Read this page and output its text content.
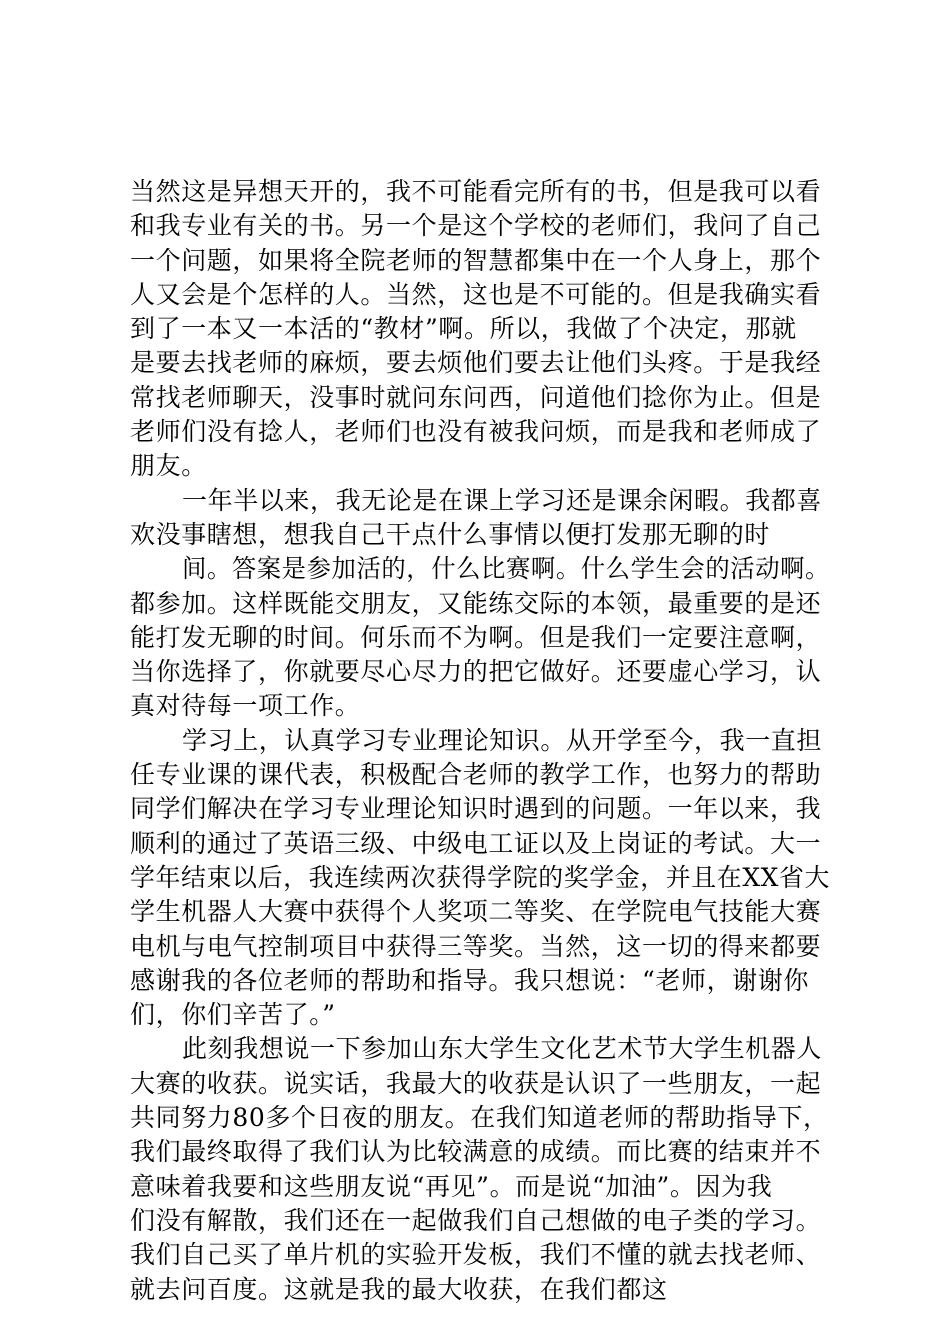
当然这是异想天开的，我不可能看完所有的书，但是我可以看
和我专业有关的书。另一个是这个学校的老师们，我问了自己
一个问题，如果将全院老师的智慧都集中在一个人身上，那个
人又会是个怎样的人。当然，这也是不可能的。但是我确实看
到了一本又一本活的“教材”啊。所以，我做了个决定，那就
是要去找老师的麻烦，要去烦他们要去让他们头疼。于是我经
常找老师聊天，没事时就问东问西，问道他们捻你为止。但是
老师们没有捻人，老师们也没有被我问烦，而是我和老师成了
朋友。
一年半以来，我无论是在课上学习还是课余闲暇。我都喜
欢没事瞎想，想我自己干点什么事情以便打发那无聊的时
间。答案是参加活的，什么比赛啊。什么学生会的活动啊。
都参加。这样既能交朋友，又能练交际的本领，最重要的是还
能打发无聊的时间。何乐而不为啊。但是我们一定要注意啊，
当你选择了，你就要尽心尽力的把它做好。还要虚心学习，认
真对待每一项工作。
学习上，认真学习专业理论知识。从开学至今，我一直担
任专业课的课代表，积极配合老师的教学工作，也努力的帮助
同学们解决在学习专业理论知识时遇到的问题。一年以来，我
顺利的通过了英语三级、中级电工证以及上岗证的考试。大一
学年结束以后，我连续两次获得学院的奖学金，并且在XX省大
学生机器人大赛中获得个人奖项二等奖、在学院电气技能大赛
电机与电气控制项目中获得三等奖。当然，这一切的得来都要
感谢我的各位老师的帮助和指导。我只想说：“老师，谢谢你
们，你们辛苦了。”
此刻我想说一下参加山东大学生文化艺术节大学生机器人
大赛的收获。说实话，我最大的收获是认识了一些朋友，一起
共同努力80多个日夜的朋友。在我们知道老师的帮助指导下，
我们最终取得了我们认为比较满意的成绩。而比赛的结束并不
意味着我要和这些朋友说“再见”。而是说“加油”。因为我
们没有解散，我们还在一起做我们自己想做的电子类的学习。
我们自己买了单片机的实验开发板，我们不懂的就去找老师、
就去问百度。这就是我的最大收获，在我们都这
